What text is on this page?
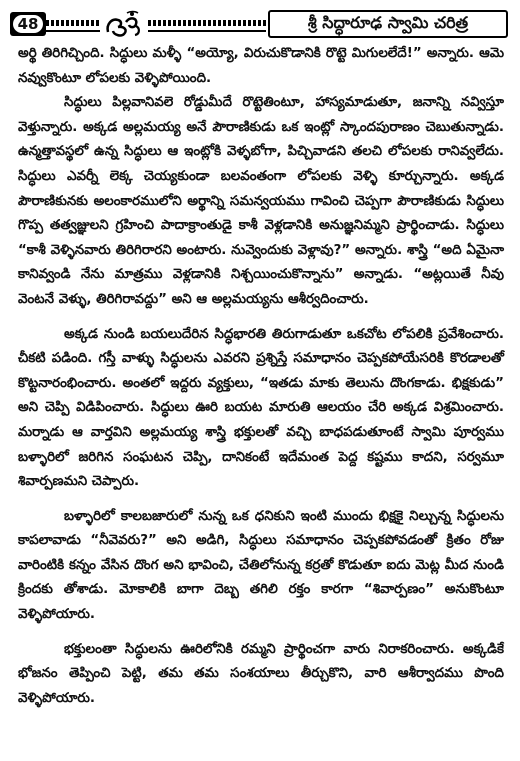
48	శ్రీ సిద్ధారూఢ స్వామి చరిత్ర

అర్థి తిరిగిచ్చింది. సిద్ధులు మళ్ళీ “అయ్యో, విరుచుకొడానికి రొట్టె మిగులలేదే!” అన్నారు. ఆమె నవ్వుకొంటూ లోపలకు వెళ్ళిపోయింది.

సిద్ధులు పిల్లవానివలె రోడ్డుమీదే రొట్టెతింటూ, హాస్యమాడుతూ, జనాన్ని నవ్విస్తూ వెళ్తున్నారు. అక్కడ అల్లమయ్య అనే పౌరాణికుడు ఒక ఇంట్లో స్కాందపురాణం చెబుతున్నాడు. ఉన్మత్తావస్థలో ఉన్న సిద్ధులు ఆ ఇంట్లోకి వెళ్ళబోగా, పిచ్చివాడని తలచి లోపలకు రానివ్వలేదు. సిద్ధులు ఎవర్నీ లెక్క చెయ్యకుండా బలవంతంగా లోపలకు వెళ్ళి కూర్చున్నారు. అక్కడ పౌరాణికునకు అలంకారములోని అర్థాన్ని సమన్వయము గావించి చెప్పగా పౌరాణికుడు సిద్ధులు గొప్ప తత్వజ్ఞులని గ్రహించి పాదాక్రాంతుడై కాశీ వెళ్లడానికి అనుజ్ఞనిమ్మని ప్రార్థించాడు. సిద్ధులు “కాశీ వెళ్ళినవారు తిరిగిరారని అంటారు. నువ్వెందుకు వెళ్లావు?” అన్నారు. శాస్త్రి “అది ఏమైనా కానివ్వండి నేను మాత్రము వెళ్లడానికి నిశ్చయించుకొన్నాను” అన్నాడు. “అట్లయితే నీవు వెంటనే వెళ్ళు, తిరిగిరావద్దు” అని ఆ అల్లమయ్యను ఆశీర్వదించారు.

అక్కడ నుండి బయలుదేరిన సిద్ధభారతి తిరుగాడుతూ ఒకచోట లోపలికి ప్రవేశించారు. చీకటి పడింది. గస్తీ వాళ్ళు సిద్ధులను ఎవరని ప్రశ్నిస్తే సమాధానం చెప్పకపోయేసరికి కొరడాలతో కొట్టనారంభించారు. అంతలో ఇద్దరు వ్యక్తులు, “ఇతడు మాకు తెలును దొంగకాడు. భిక్షకుడు” అని చెప్పి విడిపించారు. సిద్ధులు ఊరి బయట మారుతి ఆలయం చేరి అక్కడ విశ్రమించారు. మర్నాడు ఆ వార్తవిని అల్లమయ్య శాస్త్రి భక్తులతో వచ్చి బాధపడుతూంటే స్వామి పూర్వము బళ్ళారిలో జరిగిన సంఘటన చెప్పి, దానికంటే ఇదేమంత పెద్ద కష్టము కాదని, సర్వమూ శివార్పణమని చెప్పారు.

బళ్ళారిలో కాలబజారులో నున్న ఒక ధనికుని ఇంటి ముందు భిక్షకై నిల్చున్న సిద్ధులను కాపలావాడు “నీవెవరు?” అని అడిగి, సిద్ధులు సమాధానం చెప్పకపోవడంతో క్రితం రోజు వారింటికి కన్నం వేసిన దొంగ అని భావించి, చేతిలోనున్న కర్రతో కొడుతూ ఐదు మెట్ల మీద నుండి క్రిందకు తోశాడు. మోకాలికి బాగా దెబ్బ తగిలి రక్తం కారగా “శివార్పణం” అనుకొంటూ వెళ్ళిపోయారు.

భక్తులంతా సిద్ధులను ఊరిలోనికి రమ్మని ప్రార్థించగా వారు నిరాకరించారు. అక్కడికే భోజనం తెప్పించి పెట్టి, తమ తమ సంశయాలు తీర్చుకొని, వారి ఆశీర్వాదము పొంది వెళ్ళిపోయారు.
